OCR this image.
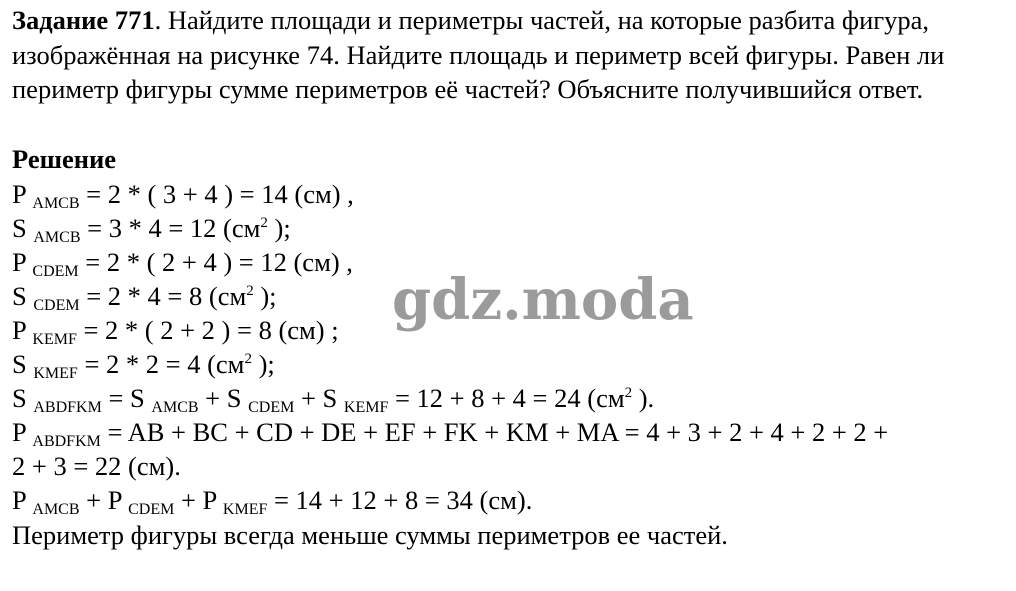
Задание 771. Найдите площади и периметры частей, на которые разбита фигура, изображённая на рисунке 74. Найдите площадь и периметр всей фигуры. Равен ли периметр фигуры сумме периметров её частей? Объясните получившийся ответ.
Решение
P $_{AMCB}$ = 2 * ( 3 + 4 ) = 14 (см) ,
S $_{AMCB}$ = 3 * 4 = 12 ($см^2$ );
P $_{CDEM}$ = 2 * ( 2 + 4 ) = 12 (см) ,
S $_{CDEM}$ = 2 * 4 = 8 ($см^2$ );
P $_{KEMF}$ = 2 * ( 2 + 2 ) = 8 (см) ;
S $_{KMEF}$ = 2 * 2 = 4 ($см^2$ );
S $_{ABDFKM}$ = S $_{AMCB}$ + S $_{CDEM}$ + S $_{KEMF}$ = 12 + 8 + 4 = 24 ($см^2$ ).
P $_{ABDFKM}$ = AB + BC + CD + DE + EF + FK + KM + MA = 4 + 3 + 2 + 4 + 2 + 2 +
2 + 3 = 22 (см).
P $_{AMCB}$ + P $_{CDEM}$ + P $_{KMEF}$ = 14 + 12 + 8 = 34 (см).
Периметр фигуры всегда меньше суммы периметров ее частей.
gdz.moda
